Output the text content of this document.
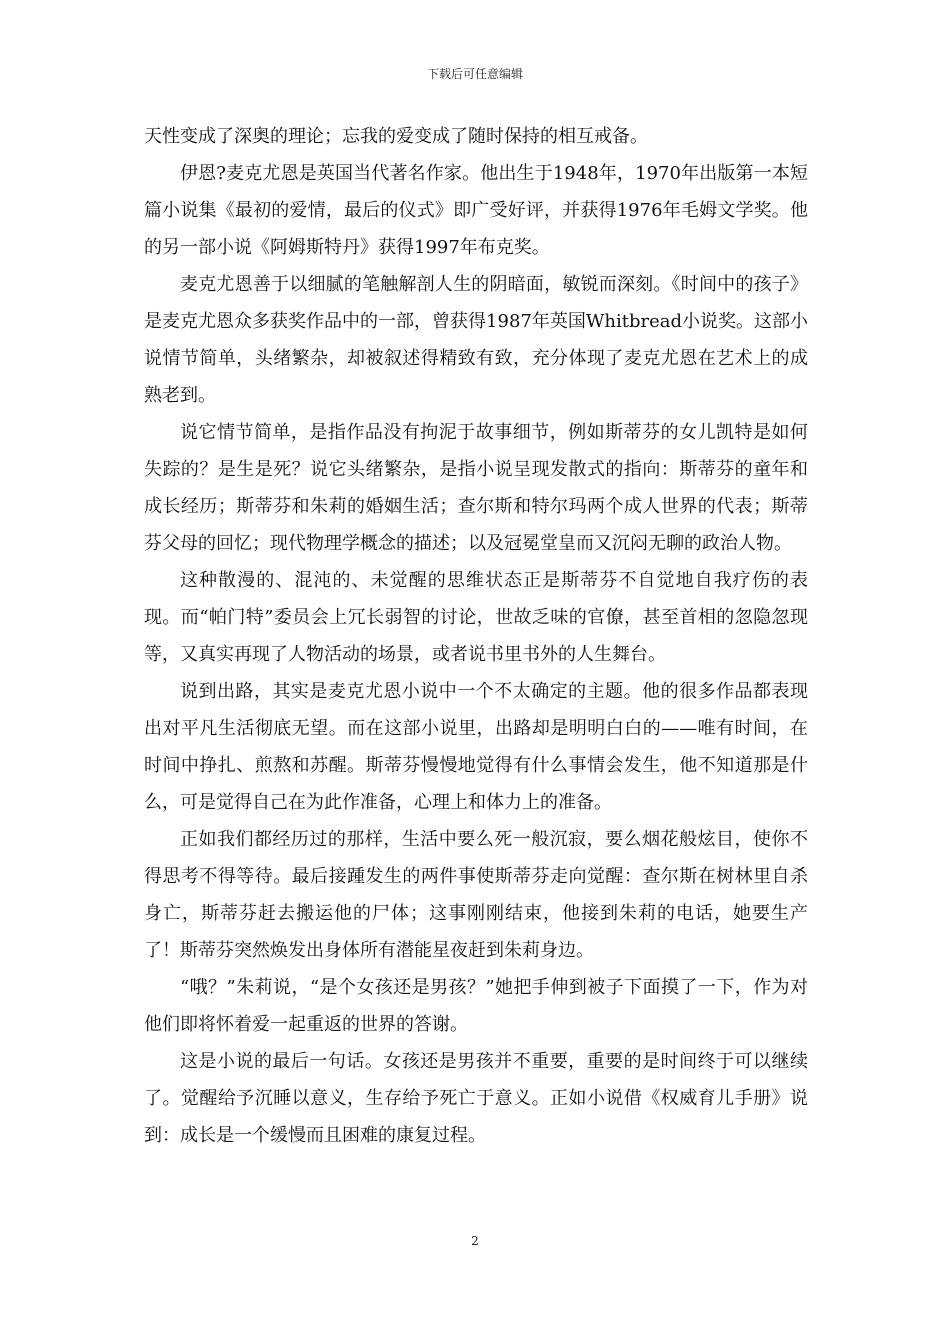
下载后可任意编辑

天性变成了深奥的理论；忘我的爱变成了随时保持的相互戒备。

伊恩?麦克尤恩是英国当代著名作家。他出生于1948年，1970年出版第一本短篇小说集《最初的爱情，最后的仪式》即广受好评，并获得1976年毛姆文学奖。他的另一部小说《阿姆斯特丹》获得1997年布克奖。

麦克尤恩善于以细腻的笔触解剖人生的阴暗面，敏锐而深刻。《时间中的孩子》是麦克尤恩众多获奖作品中的一部，曾获得1987年英国Whitbread小说奖。这部小说情节简单，头绪繁杂，却被叙述得精致有致，充分体现了麦克尤恩在艺术上的成熟老到。

说它情节简单，是指作品没有拘泥于故事细节，例如斯蒂芬的女儿凯特是如何失踪的？是生是死？说它头绪繁杂，是指小说呈现发散式的指向：斯蒂芬的童年和成长经历；斯蒂芬和朱莉的婚姻生活；查尔斯和特尔玛两个成人世界的代表；斯蒂芬父母的回忆；现代物理学概念的描述；以及冠冕堂皇而又沉闷无聊的政治人物。

这种散漫的、混沌的、未觉醒的思维状态正是斯蒂芬不自觉地自我疗伤的表现。而“帕门特”委员会上冗长弱智的讨论，世故乏味的官僚，甚至首相的忽隐忽现等，又真实再现了人物活动的场景，或者说书里书外的人生舞台。

说到出路，其实是麦克尤恩小说中一个不太确定的主题。他的很多作品都表现出对平凡生活彻底无望。而在这部小说里，出路却是明明白白的——唯有时间，在时间中挣扎、煎熬和苏醒。斯蒂芬慢慢地觉得有什么事情会发生，他不知道那是什么，可是觉得自己在为此作准备，心理上和体力上的准备。

正如我们都经历过的那样，生活中要么死一般沉寂，要么烟花般炫目，使你不得思考不得等待。最后接踵发生的两件事使斯蒂芬走向觉醒：查尔斯在树林里自杀身亡，斯蒂芬赶去搬运他的尸体；这事刚刚结束，他接到朱莉的电话，她要生产了！斯蒂芬突然焕发出身体所有潜能星夜赶到朱莉身边。

“哦？”朱莉说，“是个女孩还是男孩？”她把手伸到被子下面摸了一下，作为对他们即将怀着爱一起重返的世界的答谢。

这是小说的最后一句话。女孩还是男孩并不重要，重要的是时间终于可以继续了。觉醒给予沉睡以意义，生存给予死亡于意义。正如小说借《权威育儿手册》说到：成长是一个缓慢而且困难的康复过程。

2
